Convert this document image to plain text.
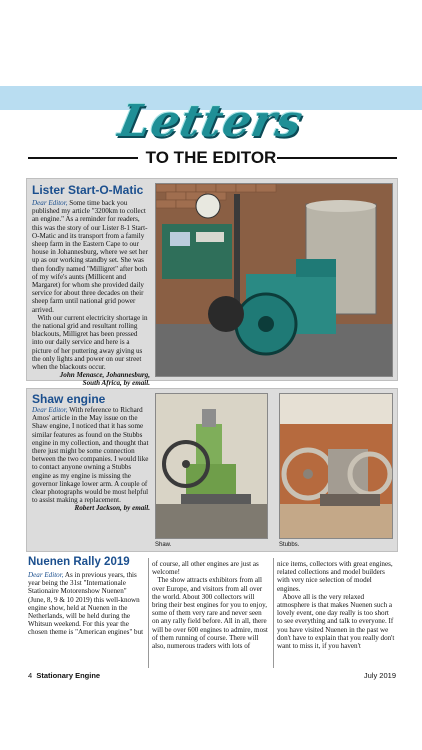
Letters
TO THE EDITOR
Lister Start-O-Matic
Dear Editor, Some time back you published my article "3200km to collect an engine." As a reminder for readers, this was the story of our Lister 8-1 Start-O-Matic and its transport from a family sheep farm in the Eastern Cape to our house in Johannesburg, where we set her up as our working standby set. She was then fondly named "Milligret" after both of my wife's aunts (Millicent and Margaret) for whom she provided daily service for about three decades on their sheep farm until national grid power arrived.
With our current electricity shortage in the national grid and resultant rolling blackouts, Milligret has been pressed into our daily service and here is a picture of her puttering away giving us the only lights and power on our street when the blackouts occur.
John Menasce, Johannesburg,
South Africa, by email.
Shaw engine
Dear Editor, With reference to Richard Amos' article in the May issue on the Shaw engine, I noticed that it has some similar features as found on the Stubbs engine in my collection, and thought that there just might be some connection between the two companies. I would like to contact anyone owning a Stubbs engine as my engine is missing the governor linkage lower arm. A couple of clear photographs would be most helpful to assist making a replacement.
Robert Jackson, by email.
Shaw.	Stubbs.
Nuenen Rally 2019
Dear Editor, As in previous years, this year being the 31st "Internationale Stationaire Motorenshow Nuenen" (June, 8, 9 & 10 2019) this well-known engine show, held at Nuenen in the Netherlands, will be held during the Whitsun weekend. For this year the chosen theme is "American engines" but
of course, all other engines are just as welcome!
The show attracts exhibitors from all over Europe, and visitors from all over the world. About 300 collectors will bring their best engines for you to enjoy, some of them very rare and never seen on any rally field before. All in all, there will be over 600 engines to admire, most of them running of course. There will also, numerous traders with lots of
nice items, collectors with great engines, related collections and model builders with very nice selection of model engines.
Above all is the very relaxed atmosphere is that makes Nuenen such a lovely event, one day really is too short to see everything and talk to everyone. If you have visited Nuenen in the past we don't have to explain that you really don't want to miss it, if you haven't
4 Stationary Engine	July 2019
